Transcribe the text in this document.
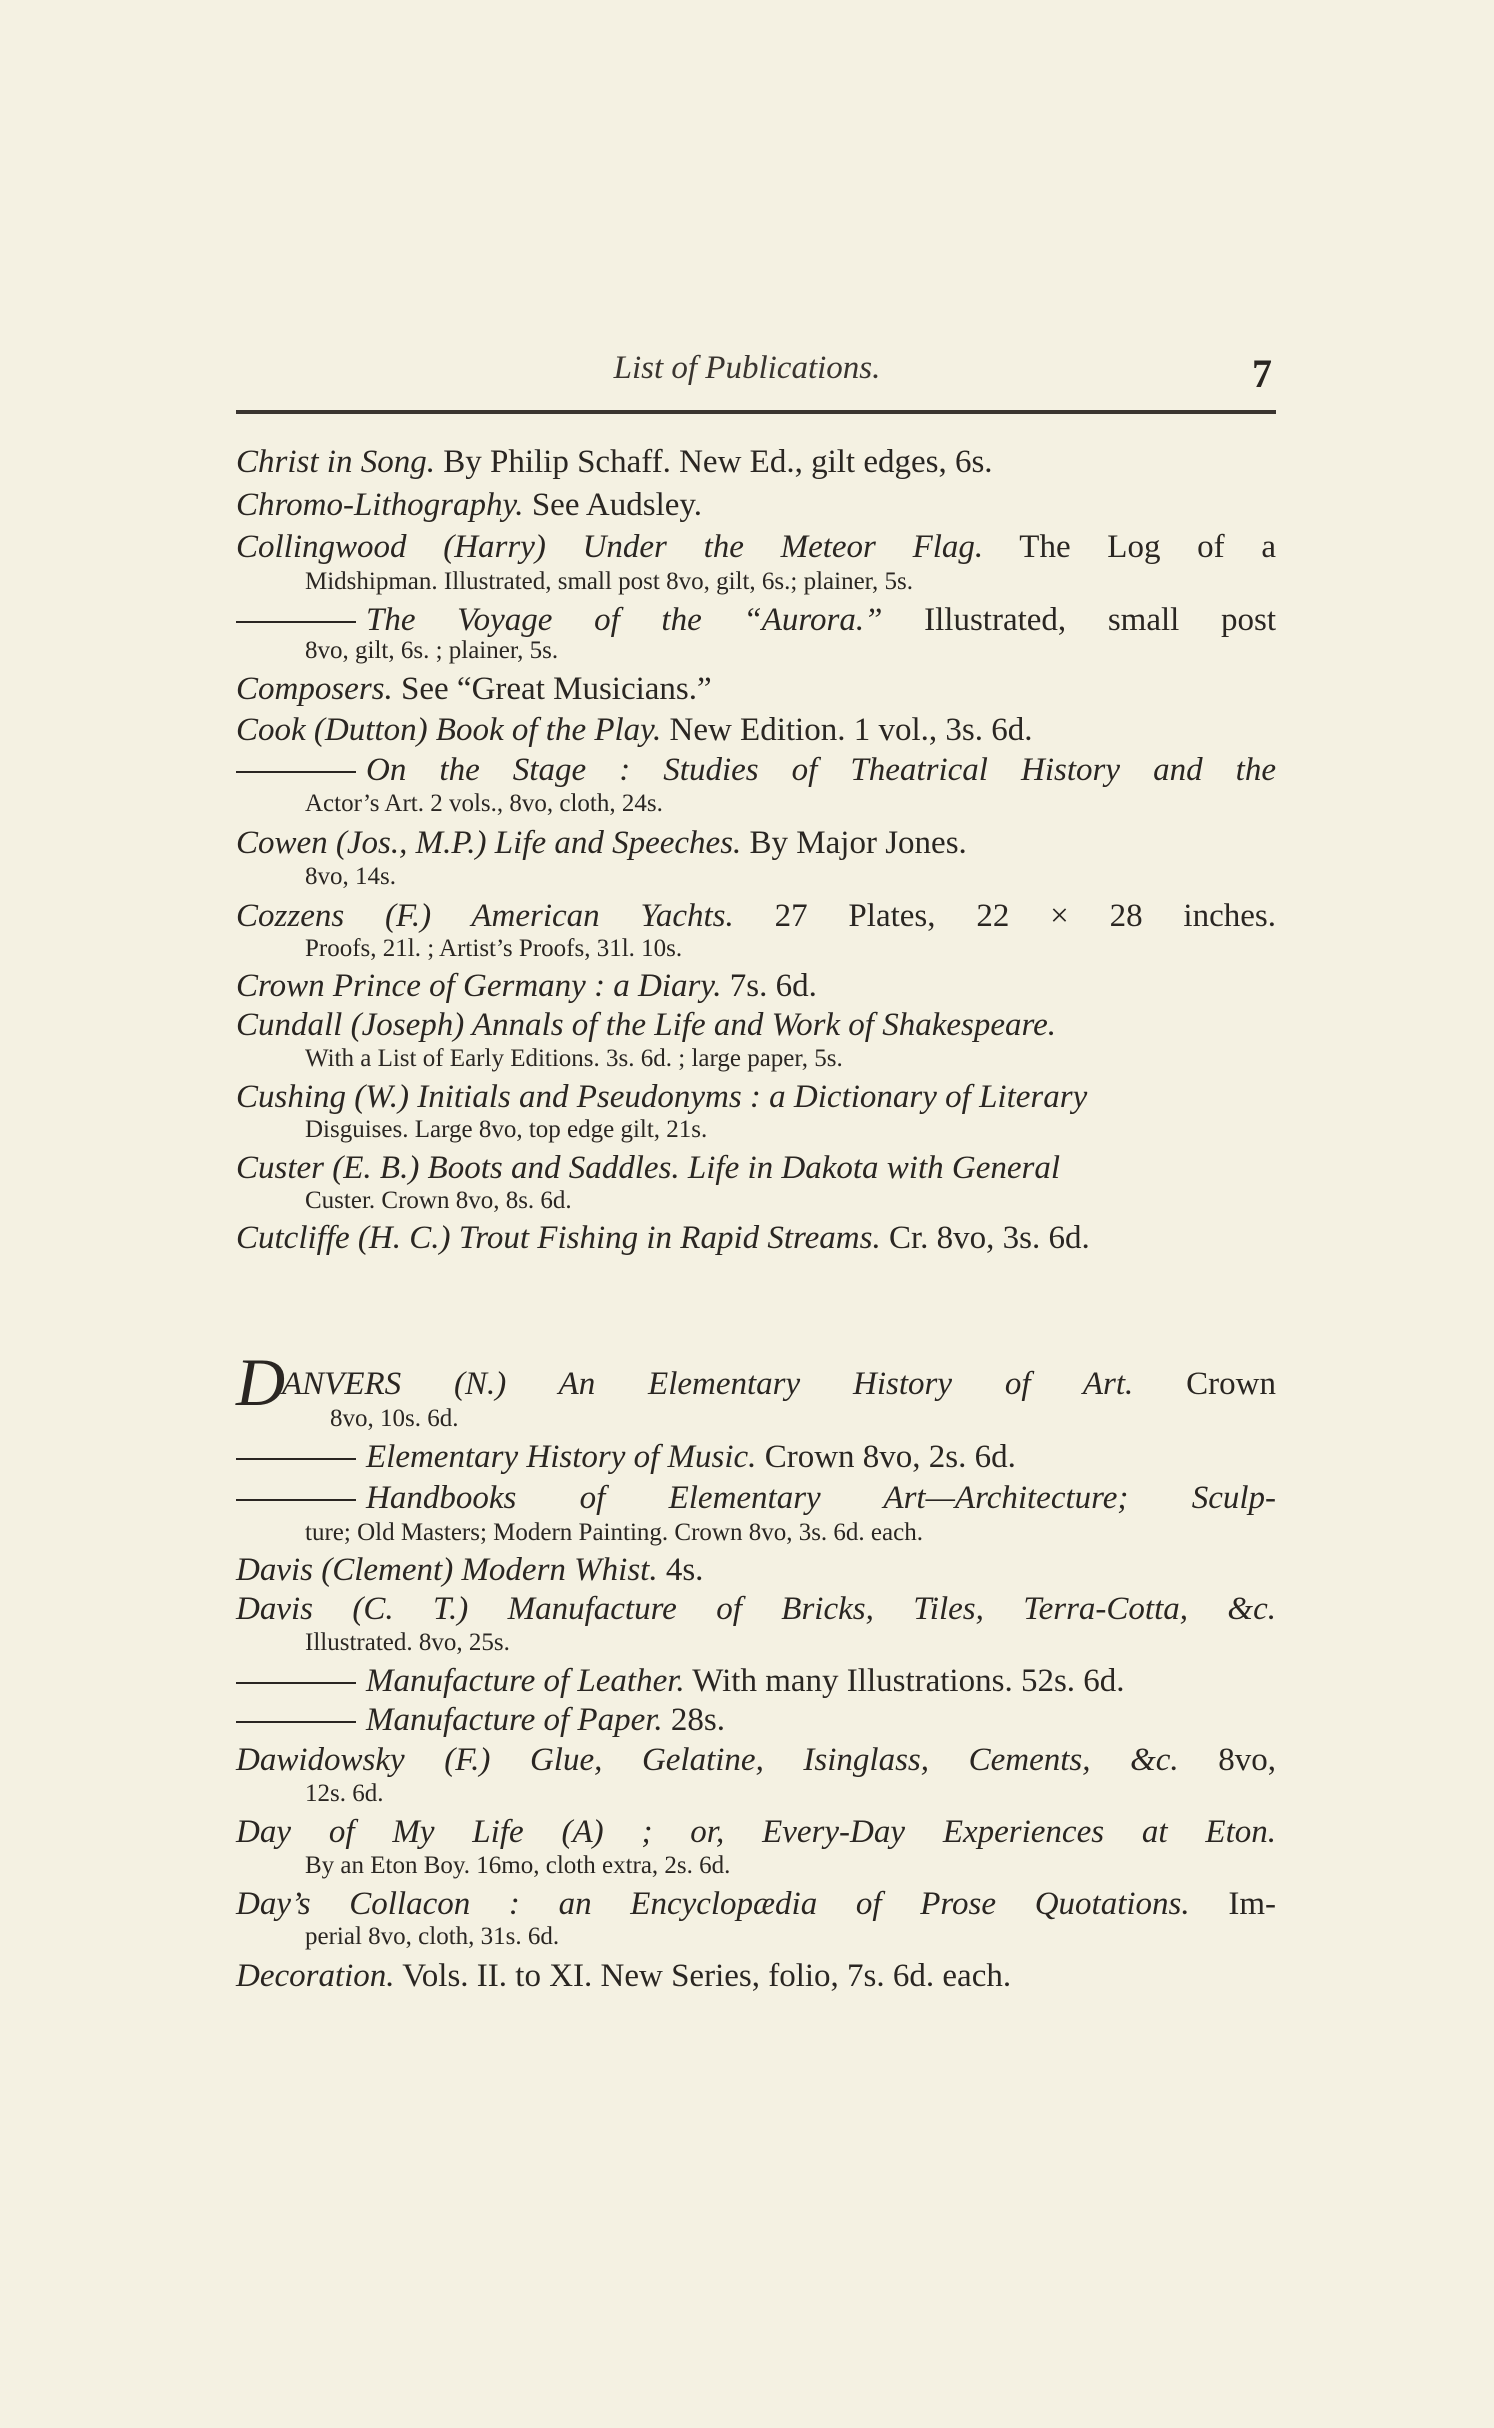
List of Publications.	7
Christ in Song. By Philip Schaff. New Ed., gilt edges, 6s.
Chromo-Lithography. See Audsley.
Collingwood (Harry) Under the Meteor Flag. The Log of a
Midshipman. Illustrated, small post 8vo, gilt, 6s.; plainer, 5s.
The Voyage of the “Aurora.” Illustrated, small post
8vo, gilt, 6s. ; plainer, 5s.
Composers. See “Great Musicians.”
Cook (Dutton) Book of the Play. New Edition. 1 vol., 3s. 6d.
On the Stage : Studies of Theatrical History and the
Actor’s Art. 2 vols., 8vo, cloth, 24s.
Cowen (Jos., M.P.) Life and Speeches. By Major Jones.
8vo, 14s.
Cozzens (F.) American Yachts. 27 Plates, 22 × 28 inches.
Proofs, 21l. ; Artist’s Proofs, 31l. 10s.
Crown Prince of Germany : a Diary. 7s. 6d.
Cundall (Joseph) Annals of the Life and Work of Shakespeare.
With a List of Early Editions. 3s. 6d. ; large paper, 5s.
Cushing (W.) Initials and Pseudonyms : a Dictionary of Literary
Disguises. Large 8vo, top edge gilt, 21s.
Custer (E. B.) Boots and Saddles. Life in Dakota with General
Custer. Crown 8vo, 8s. 6d.
Cutcliffe (H. C.) Trout Fishing in Rapid Streams. Cr. 8vo, 3s. 6d.
D
ANVERS (N.) An Elementary History of Art. Crown
8vo, 10s. 6d.
Elementary History of Music. Crown 8vo, 2s. 6d.
Handbooks of Elementary Art—Architecture; Sculp-
ture; Old Masters; Modern Painting. Crown 8vo, 3s. 6d. each.
Davis (Clement) Modern Whist. 4s.
Davis (C. T.) Manufacture of Bricks, Tiles, Terra-Cotta, &c.
Illustrated. 8vo, 25s.
Manufacture of Leather. With many Illustrations. 52s. 6d.
Manufacture of Paper. 28s.
Dawidowsky (F.) Glue, Gelatine, Isinglass, Cements, &c. 8vo,
12s. 6d.
Day of My Life (A) ; or, Every-Day Experiences at Eton.
By an Eton Boy. 16mo, cloth extra, 2s. 6d.
Day’s Collacon : an Encyclopædia of Prose Quotations. Im-
perial 8vo, cloth, 31s. 6d.
Decoration. Vols. II. to XI. New Series, folio, 7s. 6d. each.
